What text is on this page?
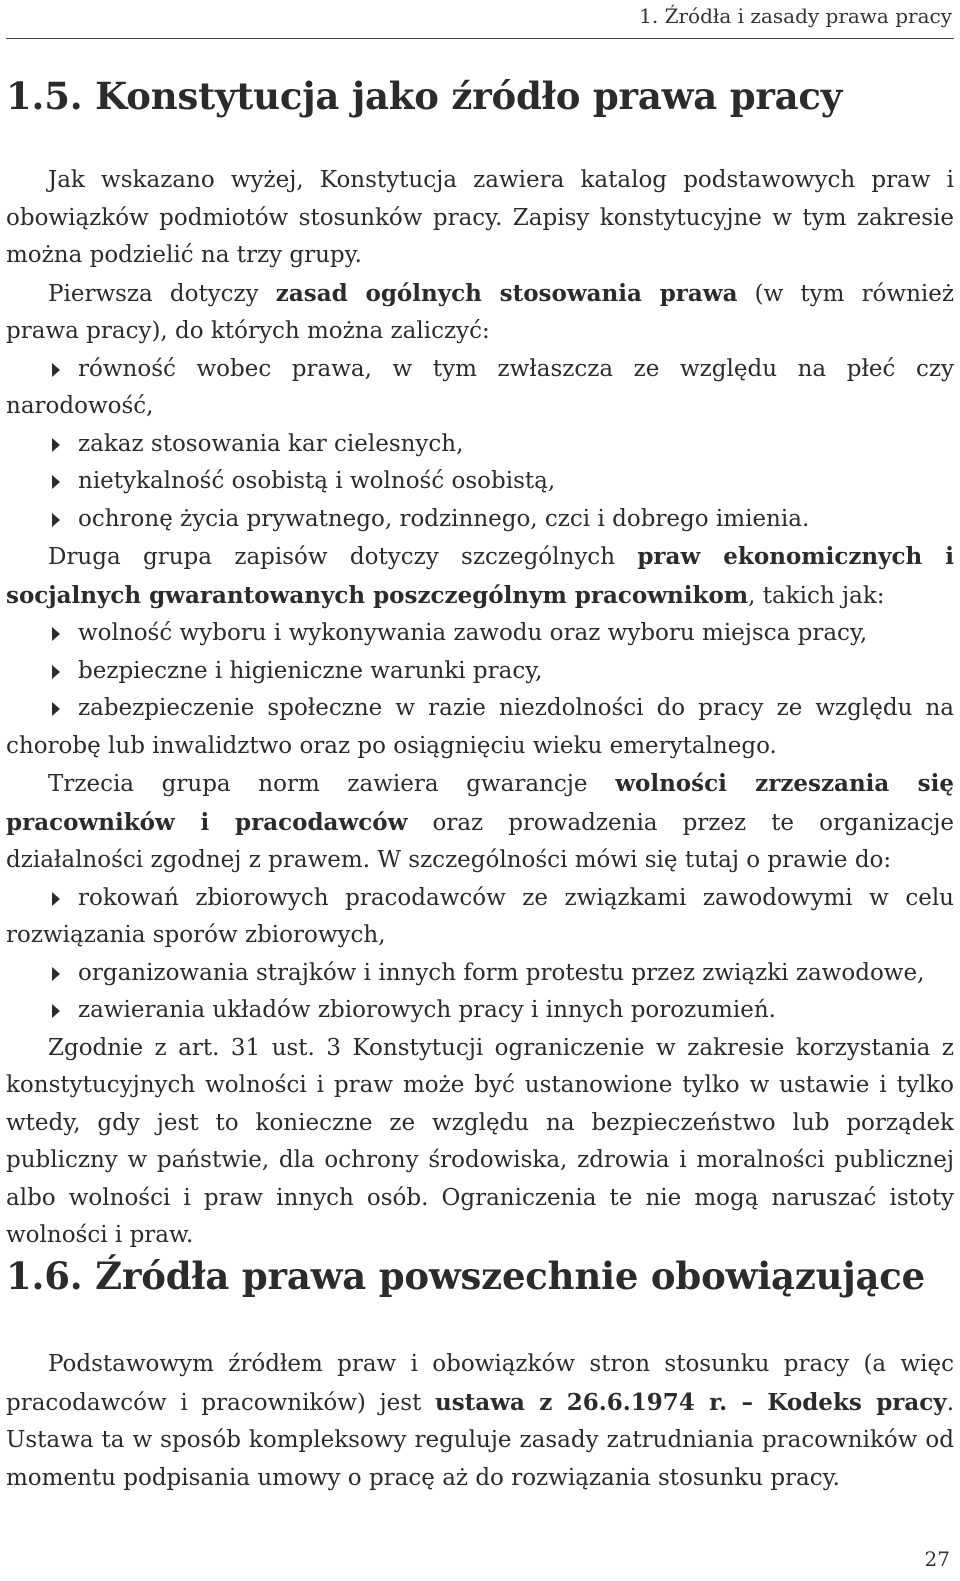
1. Źródła i zasady prawa pracy
1.5. Konstytucja jako źródło prawa pracy

Jak wskazano wyżej, Konstytucja zawiera katalog podstawowych praw i obowiązków podmiotów stosunków pracy. Zapisy konstytucyjne w tym zakresie można podzielić na trzy grupy.

Pierwsza dotyczy zasad ogólnych stosowania prawa (w tym również prawa pracy), do których można zaliczyć:

równość wobec prawa, w tym zwłaszcza ze względu na płeć czy narodowość,
zakaz stosowania kar cielesnych,
nietykalność osobistą i wolność osobistą,
ochronę życia prywatnego, rodzinnego, czci i dobrego imienia.

Druga grupa zapisów dotyczy szczególnych praw ekonomicznych i socjalnych gwarantowanych poszczególnym pracownikom, takich jak:

wolność wyboru i wykonywania zawodu oraz wyboru miejsca pracy,
bezpieczne i higieniczne warunki pracy,
zabezpieczenie społeczne w razie niezdolności do pracy ze względu na chorobę lub inwalidztwo oraz po osiągnięciu wieku emerytalnego.

Trzecia grupa norm zawiera gwarancje wolności zrzeszania się pracowników i pracodawców oraz prowadzenia przez te organizacje działalności zgodnej z prawem. W szczególności mówi się tutaj o prawie do:

rokowań zbiorowych pracodawców ze związkami zawodowymi w celu rozwiązania sporów zbiorowych,
organizowania strajków i innych form protestu przez związki zawodowe,
zawierania układów zbiorowych pracy i innych porozumień.

Zgodnie z art. 31 ust. 3 Konstytucji ograniczenie w zakresie korzystania z konstytucyjnych wolności i praw może być ustanowione tylko w ustawie i tylko wtedy, gdy jest to konieczne ze względu na bezpieczeństwo lub porządek publiczny w państwie, dla ochrony środowiska, zdrowia i moralności publicznej albo wolności i praw innych osób. Ograniczenia te nie mogą naruszać istoty wolności i praw.

1.6. Źródła prawa powszechnie obowiązujące

Podstawowym źródłem praw i obowiązków stron stosunku pracy (a więc pracodawców i pracowników) jest ustawa z 26.6.1974 r. – Kodeks pracy. Ustawa ta w sposób kompleksowy reguluje zasady zatrudniania pracowników od momentu podpisania umowy o pracę aż do rozwiązania stosunku pracy.

27
